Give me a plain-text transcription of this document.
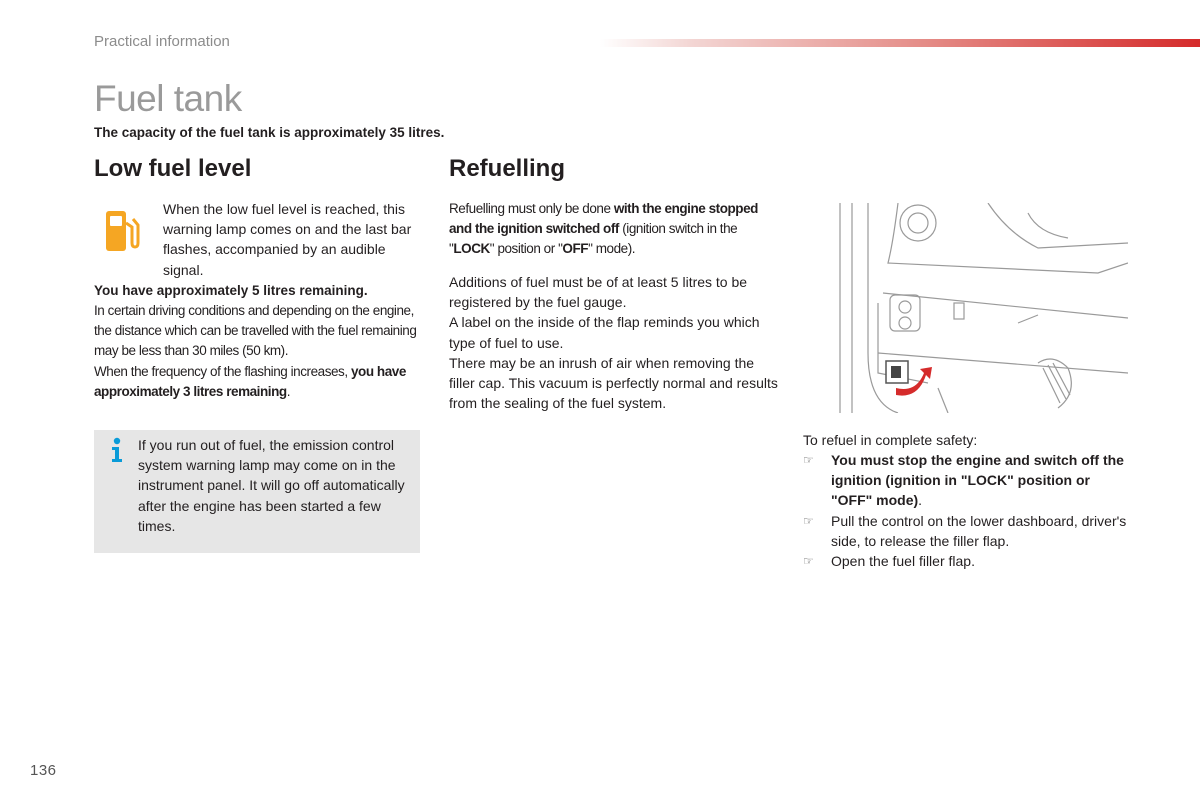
Practical information
Fuel tank
The capacity of the fuel tank is approximately 35 litres.
Low fuel level
When the low fuel level is reached, this warning lamp comes on and the last bar flashes, accompanied by an audible signal.
You have approximately 5 litres remaining.
In certain driving conditions and depending on the engine, the distance which can be travelled with the fuel remaining may be less than 30 miles (50 km).
When the frequency of the flashing increases, you have approximately 3 litres remaining.
If you run out of fuel, the emission control system warning lamp may come on in the instrument panel. It will go off automatically after the engine has been started a few times.
Refuelling
Refuelling must only be done with the engine stopped and the ignition switched off (ignition switch in the "LOCK" position or "OFF" mode).
Additions of fuel must be of at least 5 litres to be registered by the fuel gauge.
A label on the inside of the flap reminds you which type of fuel to use.
There may be an inrush of air when removing the filler cap. This vacuum is perfectly normal and results from the sealing of the fuel system.
To refuel in complete safety:
☞ You must stop the engine and switch off the ignition (ignition in "LOCK" position or "OFF" mode).
☞ Pull the control on the lower dashboard, driver's side, to release the filler flap.
☞ Open the fuel filler flap.
136
